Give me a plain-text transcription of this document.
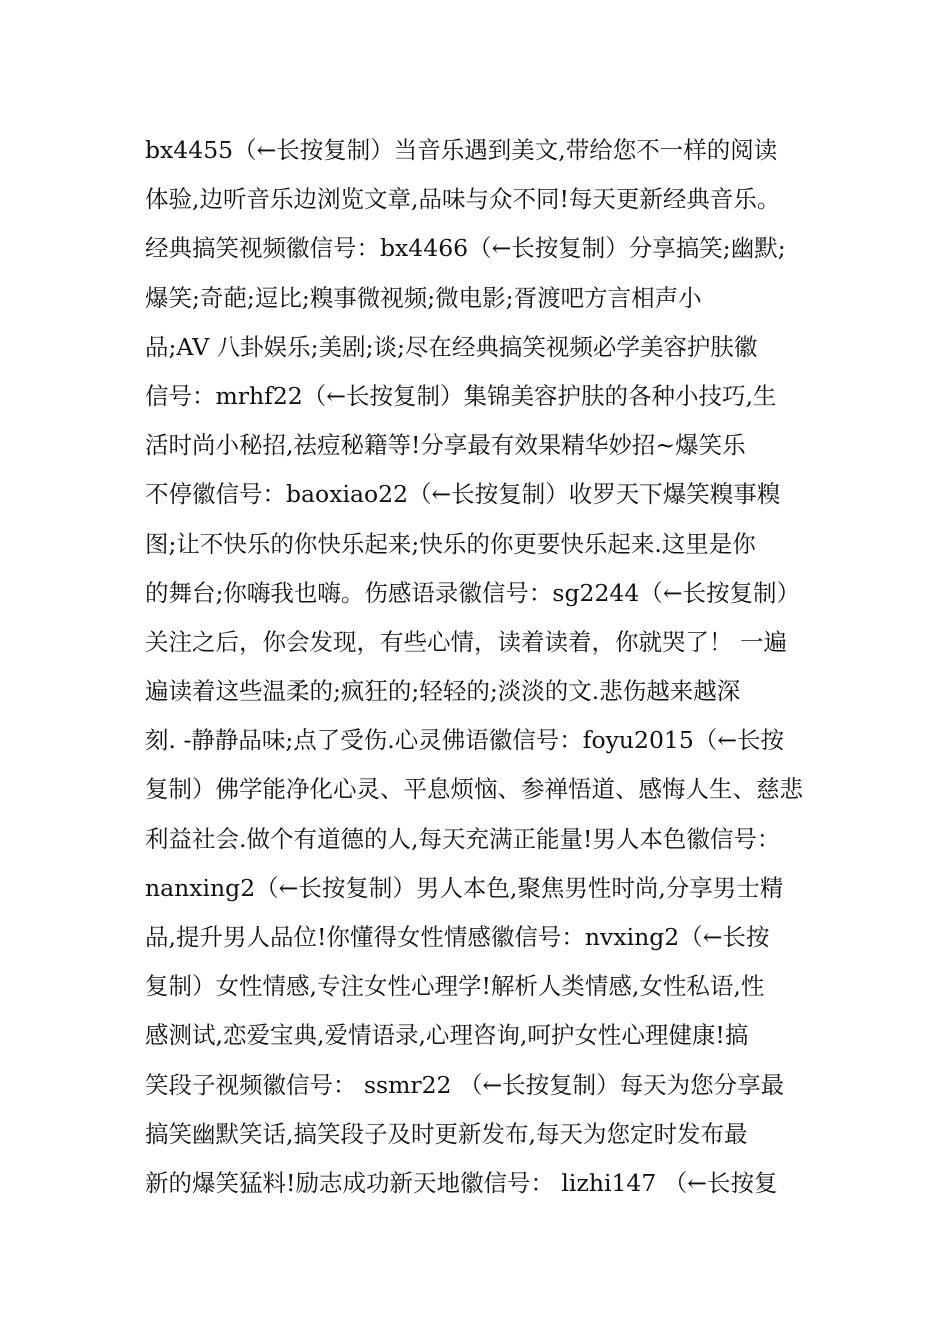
bx4455（←长按复制）当音乐遇到美文,带给您不一样的阅读
体验,边听音乐边浏览文章,品味与众不同!每天更新经典音乐。
经典搞笑视频徽信号：bx4466（←长按复制）分享搞笑;幽默;
爆笑;奇葩;逗比;糗事微视频;微电影;胥渡吧方言相声小
品;AV 八卦娱乐;美剧;谈;尽在经典搞笑视频必学美容护肤徽
信号：mrhf22（←长按复制）集锦美容护肤的各种小技巧,生
活时尚小秘招,祛痘秘籍等!分享最有效果精华妙招~爆笑乐
不停徽信号：baoxiao22（←长按复制）收罗天下爆笑糗事糗
图;让不快乐的你快乐起来;快乐的你更要快乐起来.这里是你
的舞台;你嗨我也嗨。伤感语录徽信号：sg2244（←长按复制）
关注之后，你会发现，有些心情，读着读着，你就哭了！ 一遍
遍读着这些温柔的;疯狂的;轻轻的;淡淡的文.悲伤越来越深
刻. -静静品味;点了受伤.心灵佛语徽信号：foyu2015（←长按
复制）佛学能净化心灵、平息烦恼、参禅悟道、感悔人生、慈悲
利益社会.做个有道德的人,每天充满正能量!男人本色徽信号：
nanxing2（←长按复制）男人本色,聚焦男性时尚,分享男士精
品,提升男人品位!你懂得女性情感徽信号：nvxing2（←长按
复制）女性情感,专注女性心理学!解析人类情感,女性私语,性
感测试,恋爱宝典,爱情语录,心理咨询,呵护女性心理健康!搞
笑段子视频徽信号： ssmr22 （←长按复制）每天为您分享最
搞笑幽默笑话,搞笑段子及时更新发布,每天为您定时发布最
新的爆笑猛料!励志成功新天地徽信号： lizhi147 （←长按复
